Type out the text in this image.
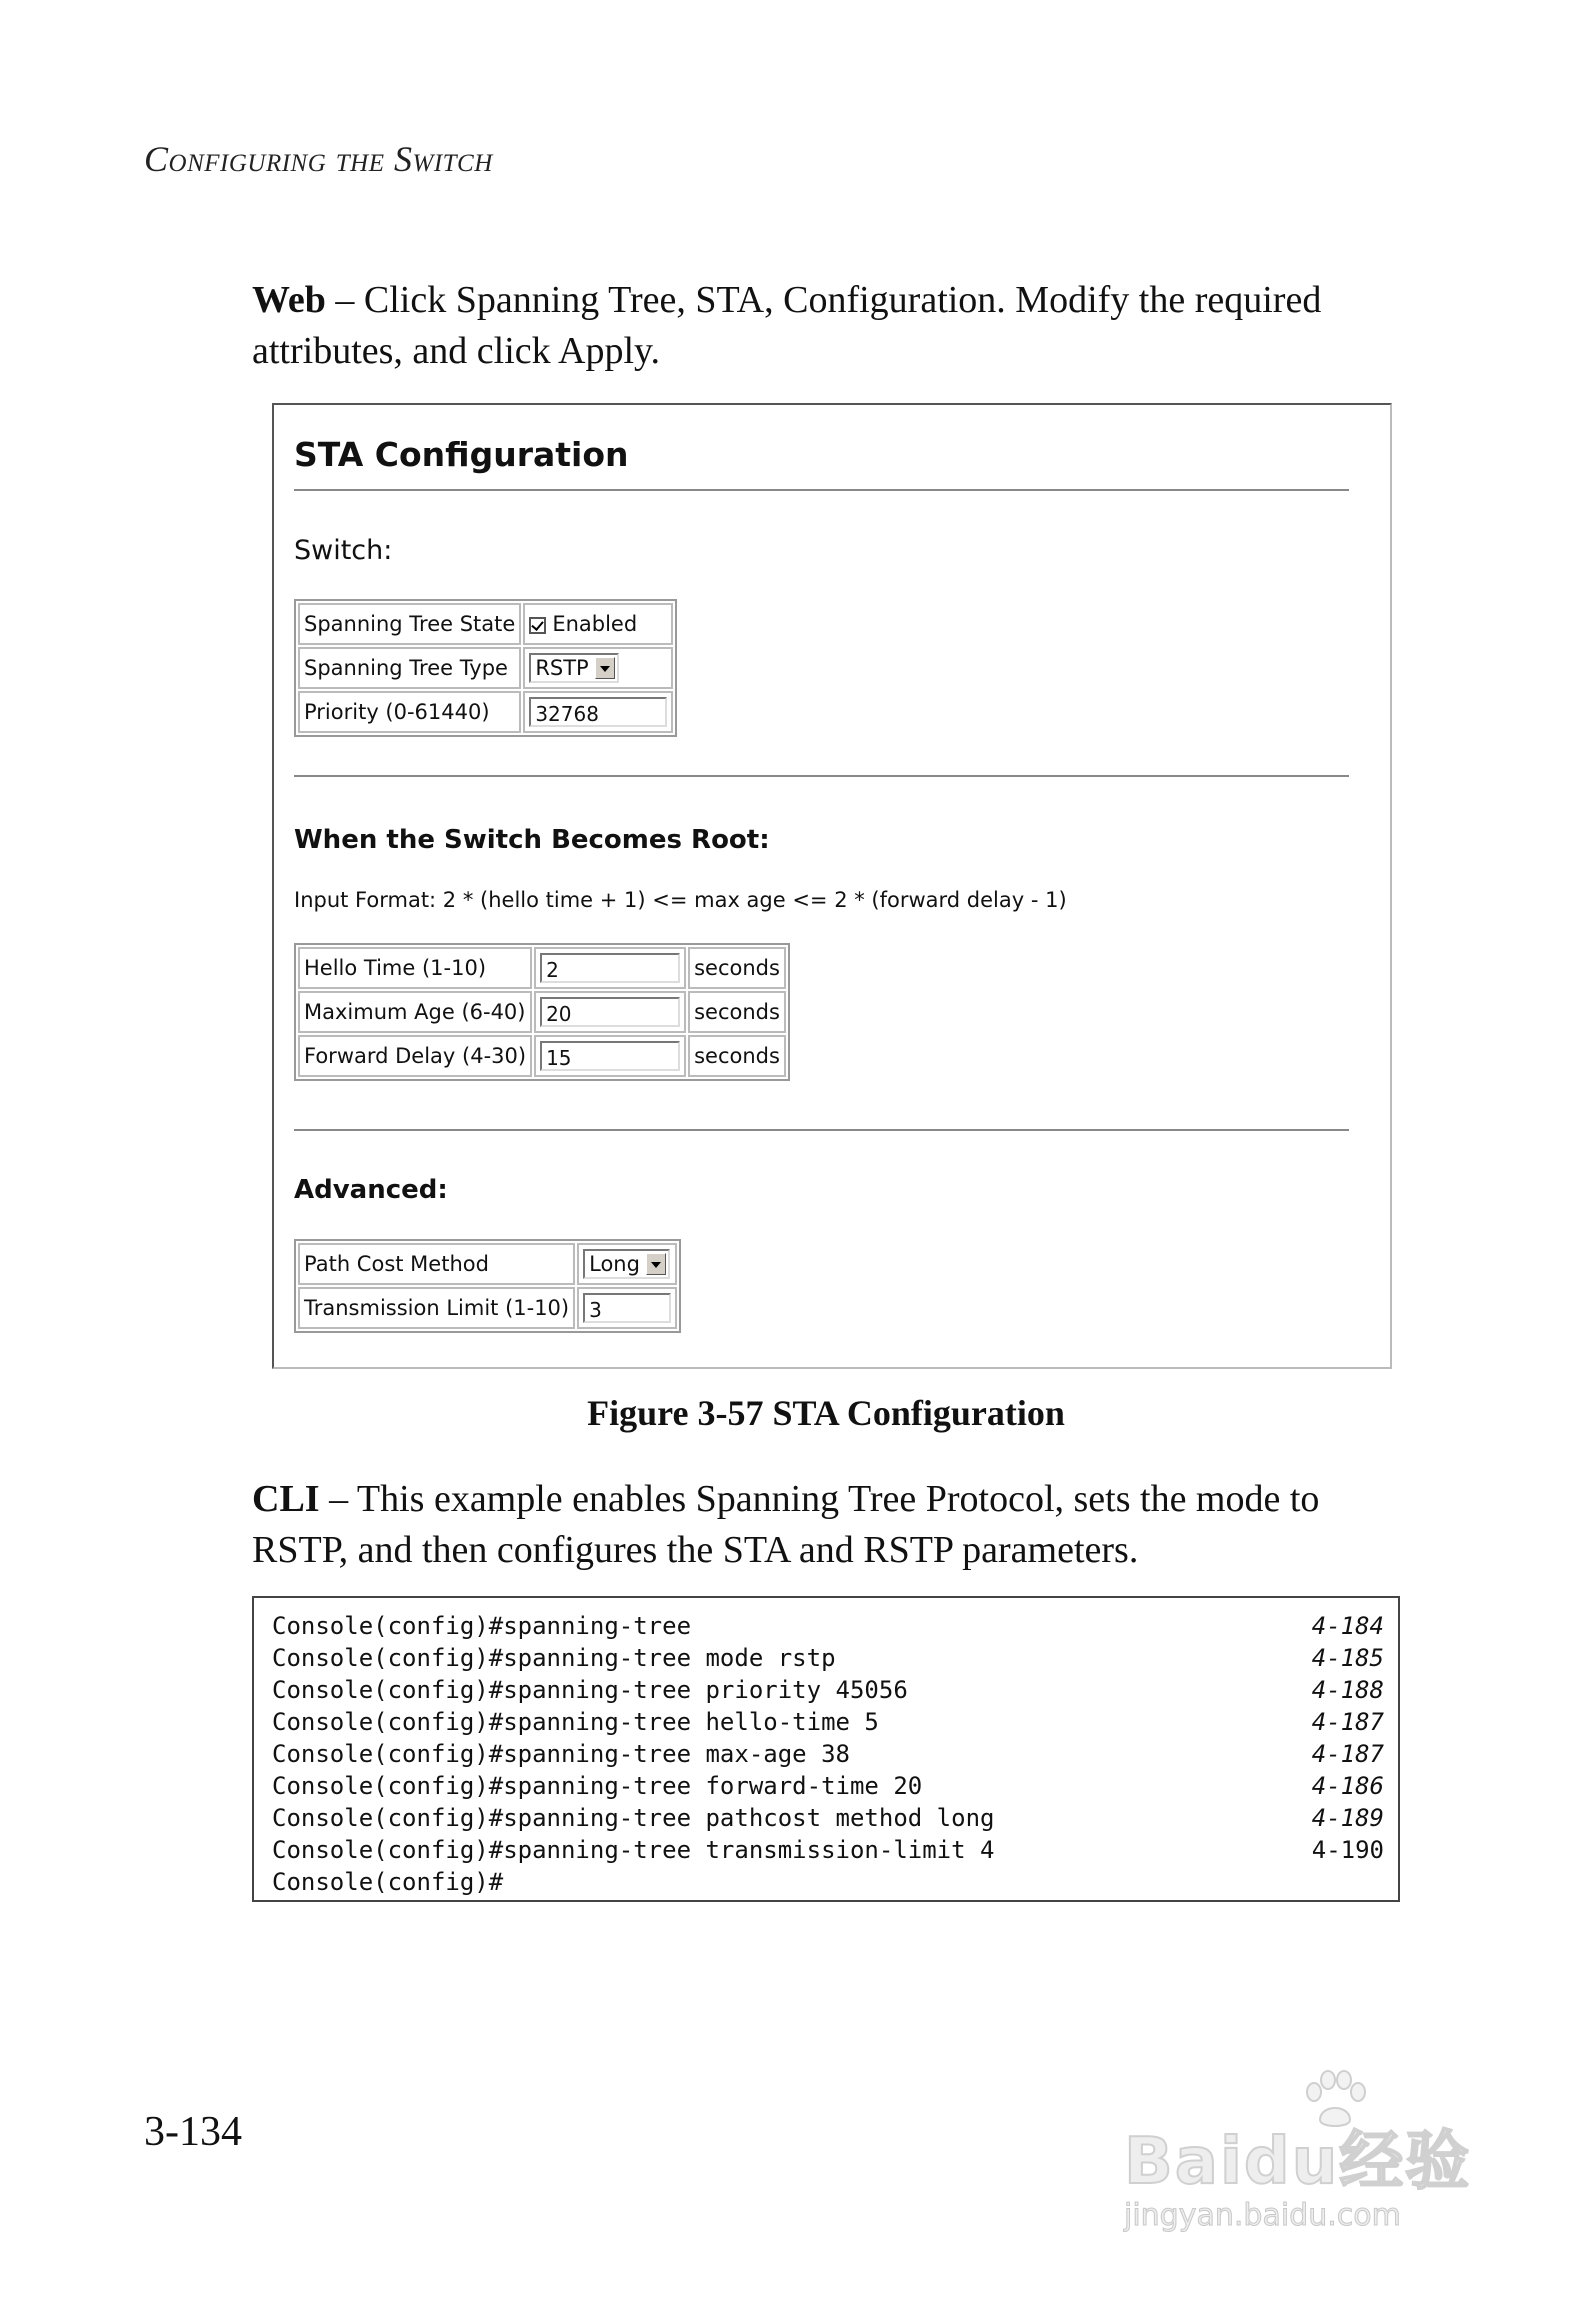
Configuring the Switch
Web – Click Spanning Tree, STA, Configuration. Modify the required attributes, and click Apply.
STA Configuration
Switch:
Spanning Tree State	Enabled
Spanning Tree Type	RSTP
Priority (0-61440)	32768
When the Switch Becomes Root:
Input Format: 2 * (hello time + 1) <= max age <= 2 * (forward delay - 1)
Hello Time (1-10)	2	seconds
Maximum Age (6-40)	20	seconds
Forward Delay (4-30)	15	seconds
Advanced:
Path Cost Method	Long
Transmission Limit (1-10)	3
Figure 3-57 STA Configuration
CLI – This example enables Spanning Tree Protocol, sets the mode to RSTP, and then configures the STA and RSTP parameters.
Console(config)#spanning-tree	4-184
Console(config)#spanning-tree mode rstp	4-185
Console(config)#spanning-tree priority 45056	4-188
Console(config)#spanning-tree hello-time 5	4-187
Console(config)#spanning-tree max-age 38	4-187
Console(config)#spanning-tree forward-time 20	4-186
Console(config)#spanning-tree pathcost method long	4-189
Console(config)#spanning-tree transmission-limit 4	4-190
Console(config)#
3-134	Baidu经验
jingyan.baidu.com
